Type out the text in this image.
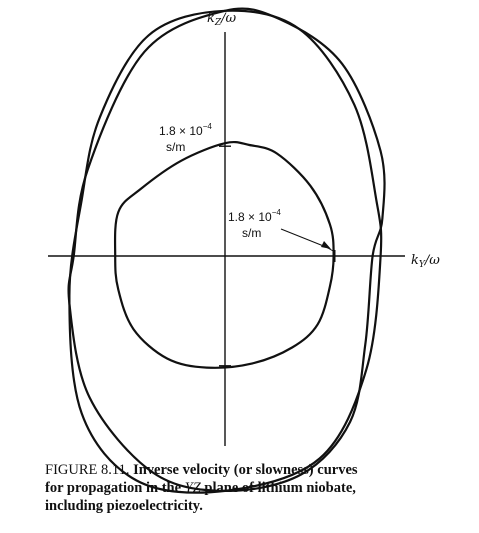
$k_Z/\omega$
$k_Y/\omega$
$1.8 \times 10^{-4}$
s/m
$1.8 \times 10^{-4}$
s/m

FIGURE 8.11. Inverse velocity (or slowness) curves
for propagation in the YZ plane of lithium niobate,
including piezoelectricity.
